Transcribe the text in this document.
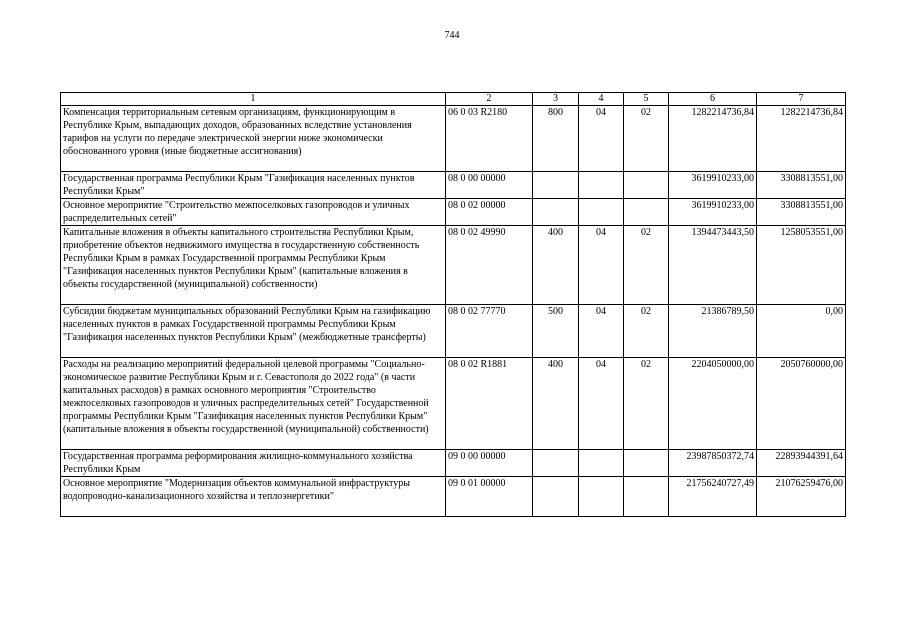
744
1	2	3	4	5	6	7
Компенсация территориальным сетевым организациям, функционирующим в Республике Крым, выпадающих доходов, образованных вследствие установления тарифов на услуги по передаче электрической энергии ниже экономически обоснованного уровня (иные бюджетные ассигнования)	06 0 03 R2180	800	04	02	1282214736,84	1282214736,84
Государственная программа Республики Крым "Газификация населенных пунктов Республики Крым"	08 0 00 00000				3619910233,00	3308813551,00
Основное мероприятие "Строительство межпоселковых газопроводов и уличных распределительных сетей"	08 0 02 00000				3619910233,00	3308813551,00
Капитальные вложения в объекты капитального строительства Республики Крым, приобретение объектов недвижимого имущества в государственную собственность Республики Крым в рамках Государственной программы Республики Крым "Газификация населенных пунктов Республики Крым" (капитальные вложения в объекты государственной (муниципальной) собственности)	08 0 02 49990	400	04	02	1394473443,50	1258053551,00
Субсидии бюджетам муниципальных образований Республики Крым на газификацию населенных пунктов в рамках Государственной программы Республики Крым "Газификация населенных пунктов Республики Крым" (межбюджетные трансферты)	08 0 02 77770	500	04	02	21386789,50	0,00
Расходы на реализацию мероприятий федеральной целевой программы "Социально-экономическое развитие Республики Крым и г. Севастополя до 2022 года" (в части капитальных расходов) в рамках основного мероприятия "Строительство межпоселковых газопроводов и уличных распределительных сетей" Государственной программы Республики Крым "Газификация населенных пунктов Республики Крым" (капитальные вложения в объекты государственной (муниципальной) собственности)	08 0 02 R1881	400	04	02	2204050000,00	2050760000,00
Государственная программа реформирования жилищно-коммунального хозяйства Республики Крым	09 0 00 00000				23987850372,74	22893944391,64
Основное мероприятие "Модернизация объектов коммунальной инфраструктуры водопроводно-канализационного хозяйства и теплоэнергетики"	09 0 01 00000				21756240727,49	21076259476,00
